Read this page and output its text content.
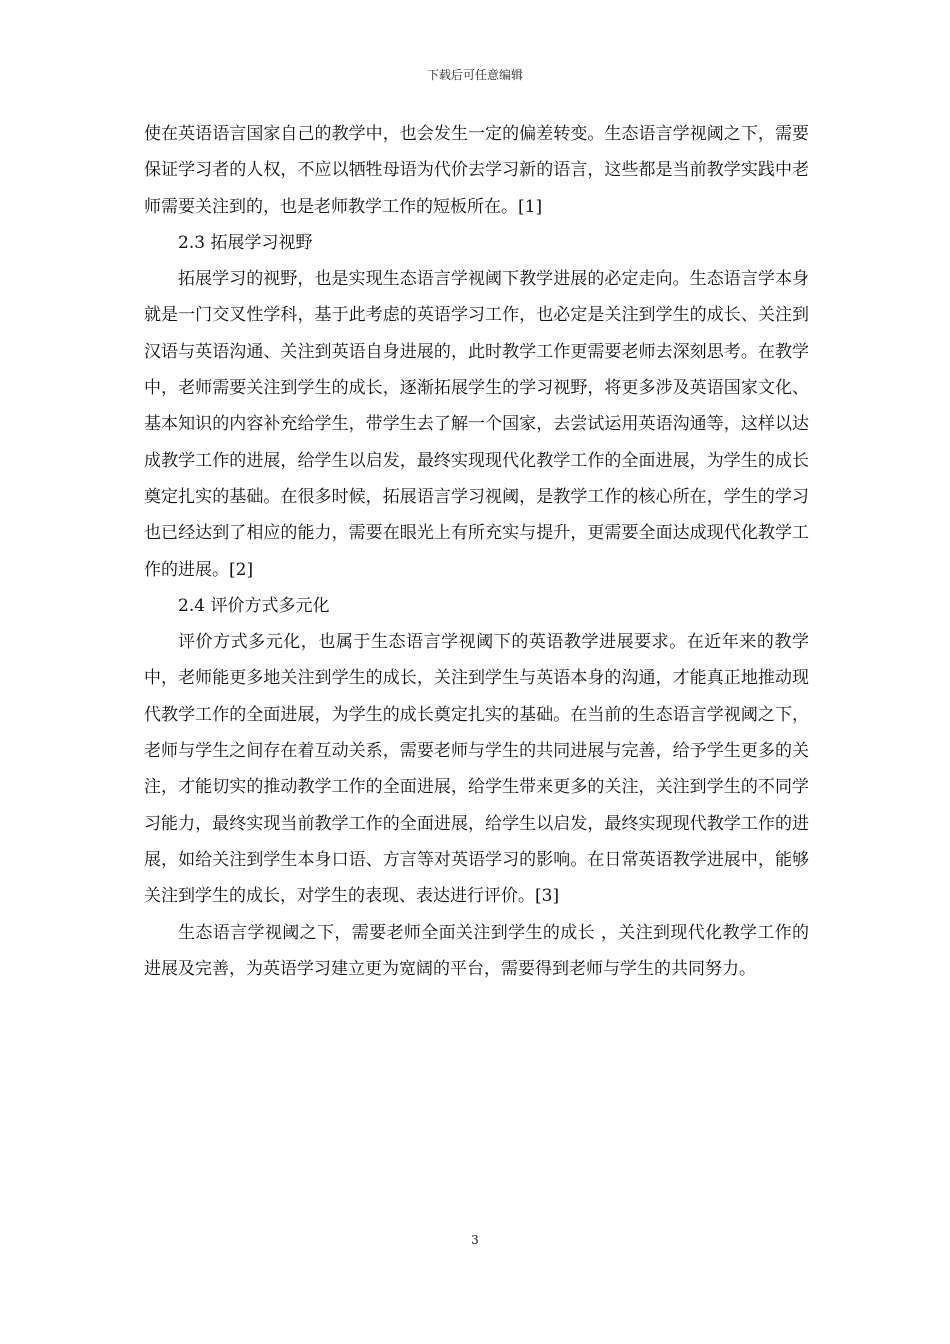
下载后可任意编辑

使在英语语言国家自己的教学中，也会发生一定的偏差转变。生态语言学视阈之下，需要保证学习者的人权，不应以牺牲母语为代价去学习新的语言，这些都是当前教学实践中老师需要关注到的，也是老师教学工作的短板所在。[1]

2.3 拓展学习视野

拓展学习的视野，也是实现生态语言学视阈下教学进展的必定走向。生态语言学本身就是一门交叉性学科，基于此考虑的英语学习工作，也必定是关注到学生的成长、关注到汉语与英语沟通、关注到英语自身进展的，此时教学工作更需要老师去深刻思考。在教学中，老师需要关注到学生的成长，逐渐拓展学生的学习视野，将更多涉及英语国家文化、基本知识的内容补充给学生，带学生去了解一个国家，去尝试运用英语沟通等，这样以达成教学工作的进展，给学生以启发，最终实现现代化教学工作的全面进展，为学生的成长奠定扎实的基础。在很多时候，拓展语言学习视阈，是教学工作的核心所在，学生的学习也已经达到了相应的能力，需要在眼光上有所充实与提升，更需要全面达成现代化教学工作的进展。[2]

2.4 评价方式多元化

评价方式多元化，也属于生态语言学视阈下的英语教学进展要求。在近年来的教学中，老师能更多地关注到学生的成长，关注到学生与英语本身的沟通，才能真正地推动现代教学工作的全面进展，为学生的成长奠定扎实的基础。在当前的生态语言学视阈之下，老师与学生之间存在着互动关系，需要老师与学生的共同进展与完善，给予学生更多的关注，才能切实的推动教学工作的全面进展，给学生带来更多的关注，关注到学生的不同学习能力，最终实现当前教学工作的全面进展，给学生以启发，最终实现现代教学工作的进展，如给关注到学生本身口语、方言等对英语学习的影响。在日常英语教学进展中，能够关注到学生的成长，对学生的表现、表达进行评价。[3]

生态语言学视阈之下，需要老师全面关注到学生的成长 ，关注到现代化教学工作的进展及完善，为英语学习建立更为宽阔的平台，需要得到老师与学生的共同努力。

3
